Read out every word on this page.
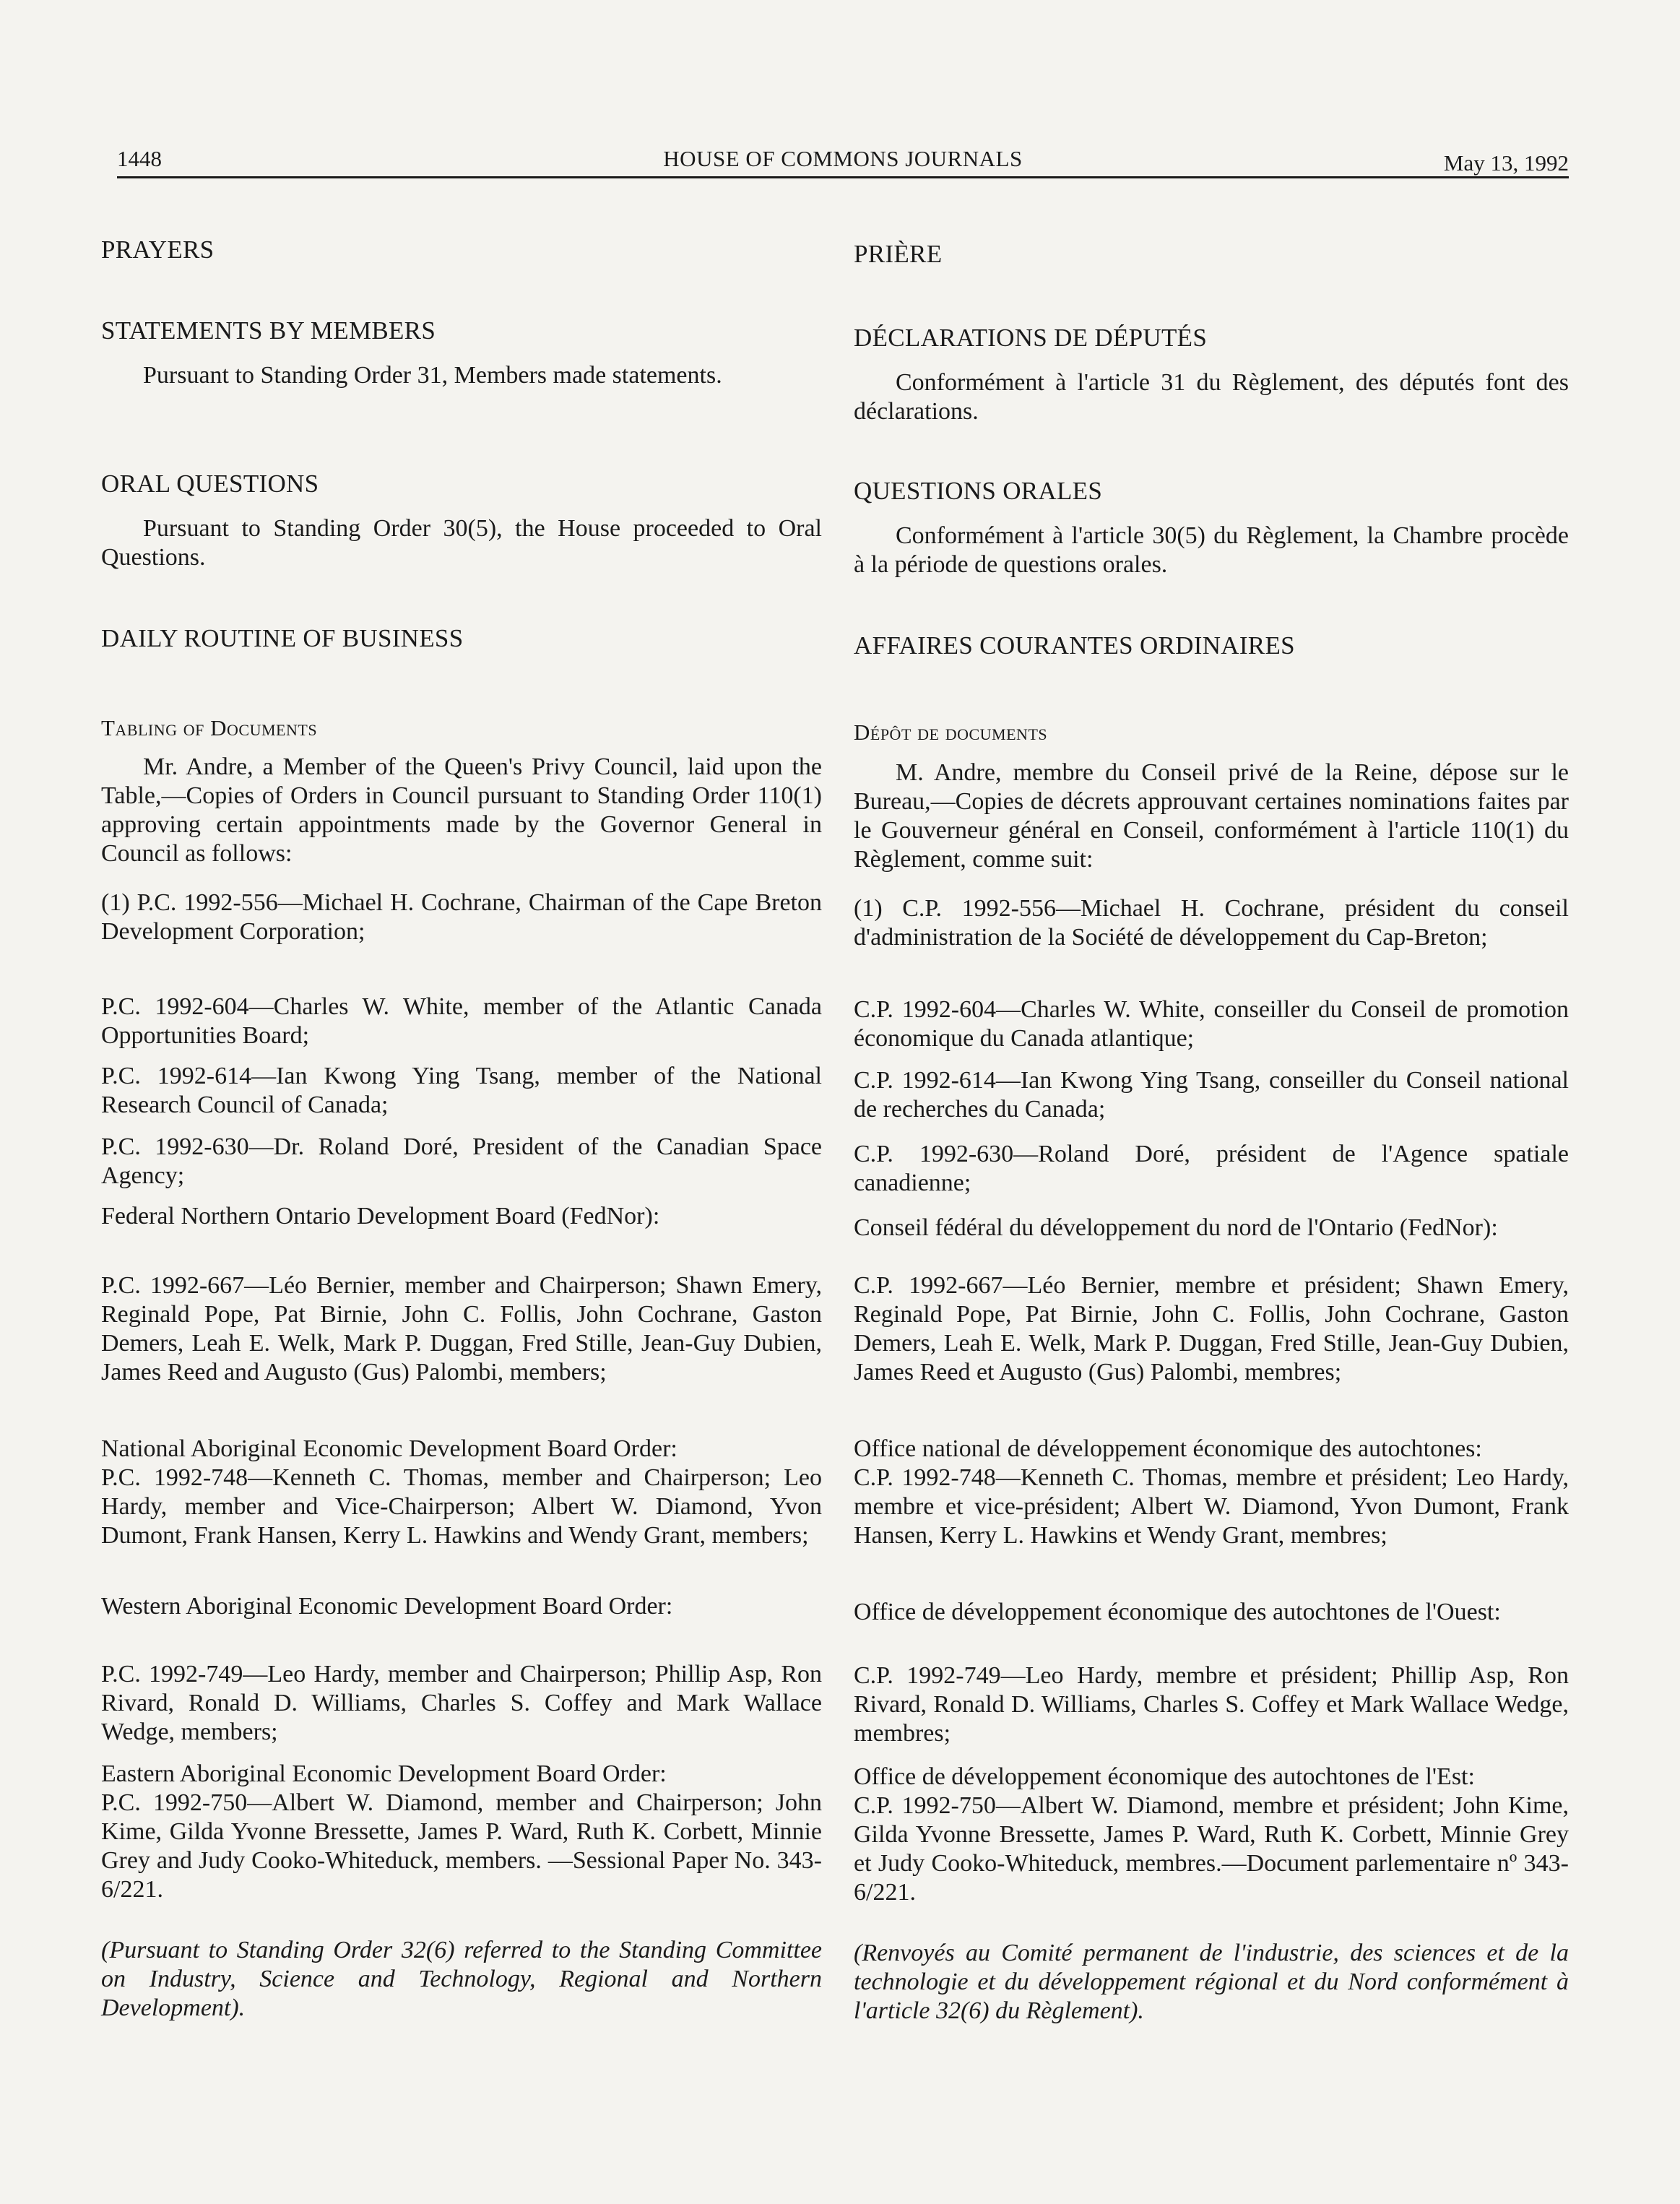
1448	HOUSE OF COMMONS JOURNALS	May 13, 1992
PRAYERS
STATEMENTS BY MEMBERS
Pursuant to Standing Order 31, Members made statements.
ORAL QUESTIONS
Pursuant to Standing Order 30(5), the House proceeded to Oral Questions.
DAILY ROUTINE OF BUSINESS
Tabling of Documents
Mr. Andre, a Member of the Queen's Privy Council, laid upon the Table,—Copies of Orders in Council pursuant to Standing Order 110(1) approving certain appointments made by the Governor General in Council as follows:
(1) P.C. 1992-556—Michael H. Cochrane, Chairman of the Cape Breton Development Corporation;
P.C. 1992-604—Charles W. White, member of the Atlantic Canada Opportunities Board;
P.C. 1992-614—Ian Kwong Ying Tsang, member of the National Research Council of Canada;
P.C. 1992-630—Dr. Roland Doré, President of the Canadian Space Agency;
Federal Northern Ontario Development Board (FedNor):
P.C. 1992-667—Léo Bernier, member and Chairperson; Shawn Emery, Reginald Pope, Pat Birnie, John C. Follis, John Cochrane, Gaston Demers, Leah E. Welk, Mark P. Duggan, Fred Stille, Jean-Guy Dubien, James Reed and Augusto (Gus) Palombi, members;
National Aboriginal Economic Development Board Order:
P.C. 1992-748—Kenneth C. Thomas, member and Chairperson; Leo Hardy, member and Vice-Chairperson; Albert W. Diamond, Yvon Dumont, Frank Hansen, Kerry L. Hawkins and Wendy Grant, members;
Western Aboriginal Economic Development Board Order:
P.C. 1992-749—Leo Hardy, member and Chairperson; Phillip Asp, Ron Rivard, Ronald D. Williams, Charles S. Coffey and Mark Wallace Wedge, members;
Eastern Aboriginal Economic Development Board Order:
P.C. 1992-750—Albert W. Diamond, member and Chairperson; John Kime, Gilda Yvonne Bressette, James P. Ward, Ruth K. Corbett, Minnie Grey and Judy Cooko-Whiteduck, members. —Sessional Paper No. 343-6/221.
(Pursuant to Standing Order 32(6) referred to the Standing Committee on Industry, Science and Technology, Regional and Northern Development).
PRIÈRE
DÉCLARATIONS DE DÉPUTÉS
Conformément à l'article 31 du Règlement, des députés font des déclarations.
QUESTIONS ORALES
Conformément à l'article 30(5) du Règlement, la Chambre procède à la période de questions orales.
AFFAIRES COURANTES ORDINAIRES
Dépôt de documents
M. Andre, membre du Conseil privé de la Reine, dépose sur le Bureau,—Copies de décrets approuvant certaines nominations faites par le Gouverneur général en Conseil, conformément à l'article 110(1) du Règlement, comme suit:
(1) C.P. 1992-556—Michael H. Cochrane, président du conseil d'administration de la Société de développement du Cap-Breton;
C.P. 1992-604—Charles W. White, conseiller du Conseil de promotion économique du Canada atlantique;
C.P. 1992-614—Ian Kwong Ying Tsang, conseiller du Conseil national de recherches du Canada;
C.P. 1992-630—Roland Doré, président de l'Agence spatiale canadienne;
Conseil fédéral du développement du nord de l'Ontario (FedNor):
C.P. 1992-667—Léo Bernier, membre et président; Shawn Emery, Reginald Pope, Pat Birnie, John C. Follis, John Cochrane, Gaston Demers, Leah E. Welk, Mark P. Duggan, Fred Stille, Jean-Guy Dubien, James Reed et Augusto (Gus) Palombi, membres;
Office national de développement économique des autochtones:
C.P. 1992-748—Kenneth C. Thomas, membre et président; Leo Hardy, membre et vice-président; Albert W. Diamond, Yvon Dumont, Frank Hansen, Kerry L. Hawkins et Wendy Grant, membres;
Office de développement économique des autochtones de l'Ouest:
C.P. 1992-749—Leo Hardy, membre et président; Phillip Asp, Ron Rivard, Ronald D. Williams, Charles S. Coffey et Mark Wallace Wedge, membres;
Office de développement économique des autochtones de l'Est:
C.P. 1992-750—Albert W. Diamond, membre et président; John Kime, Gilda Yvonne Bressette, James P. Ward, Ruth K. Corbett, Minnie Grey et Judy Cooko-Whiteduck, membres.—Document parlementaire nº 343-6/221.
(Renvoyés au Comité permanent de l'industrie, des sciences et de la technologie et du développement régional et du Nord conformément à l'article 32(6) du Règlement).
